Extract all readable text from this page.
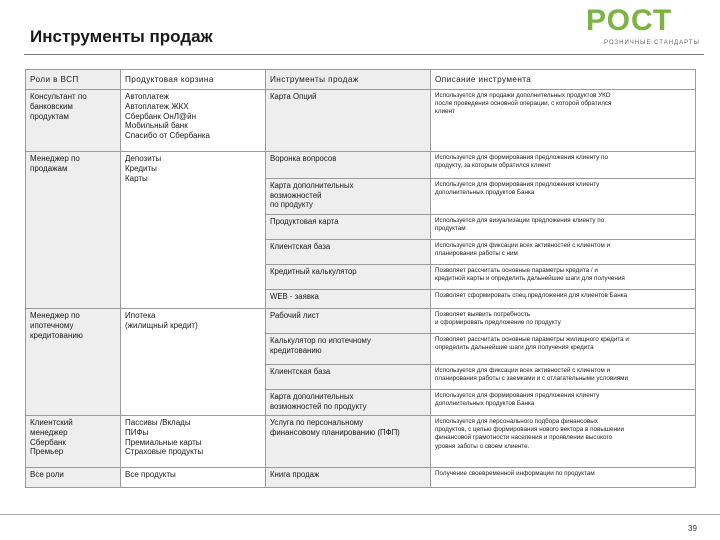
Инструменты продаж	РОСТ
РОЗНИЧНЫЕ СТАНДАРТЫ
Роли в ВСП	Продуктовая корзина	Инструменты продаж	Описание инструмента

Консультант по
банковским
продуктам	Автоплатеж
Автоплатеж ЖКХ
Сбербанк ОнЛ@йн
Мобильный банк
Спасибо от Сбербанка	Карта Опций	Используется для продажи дополнительных продуктов УКО
после проведения основной операции, с которой обратился
клиент

Менеджер по
продажам	Депозиты
Кредиты
Карты	Воронка вопросов	Используется для формирования предложения клиенту по
продукту, за которым обратился клиент

		Карта дополнительных
возможностей
по продукту	Используется для формирования предложения клиенту
дополнительных продуктов Банка

		Продуктовая карта	Используется для визуализации предложения клиенту по
продуктам

		Клиентская база	Используется для фиксации всех активностей с клиентом и
планирования работы с ним

		Кредитный калькулятор	Позволяет рассчитать основные параметры кредита / и
кредитной карты и определить дальнейшие шаги для получения

		WEB - заявка	Позволяет сформировать спец.предложения для клиентов Банка

Менеджер по
ипотечному
кредитованию	Ипотека
(жилищный кредит)	Рабочий лист	Позволяет выявить потребность
и сформировать предложение по продукту

		Калькулятор по ипотечному
кредитованию	Позволяет рассчитать основные параметры жилищного кредита и
определить дальнейшие шаги для получения кредита

		Клиентская база	Используется для фиксации всех активностей с клиентом и
планирования работы с заемками и с отлагательными условиями

		Карта дополнительных
возможностей по продукту	Используется для формирования предложения клиенту
дополнительных продуктов Банка

Клиентский
менеджер
Сбербанк
Премьер	Пассивы /Вклады
ПИФы
Премиальные карты
Страховые продукты	Услуга по персональному
финансовому планированию (ПФП)	Используется для персонального подбора финансовых
продуктов, с целью формирования нового вектора в повышении
финансовой грамотности населения и проявлении высокого
уровня заботы о своем клиенте.

Все роли	Все продукты	Книга продаж	Получение своевременной информации по продуктам
39
